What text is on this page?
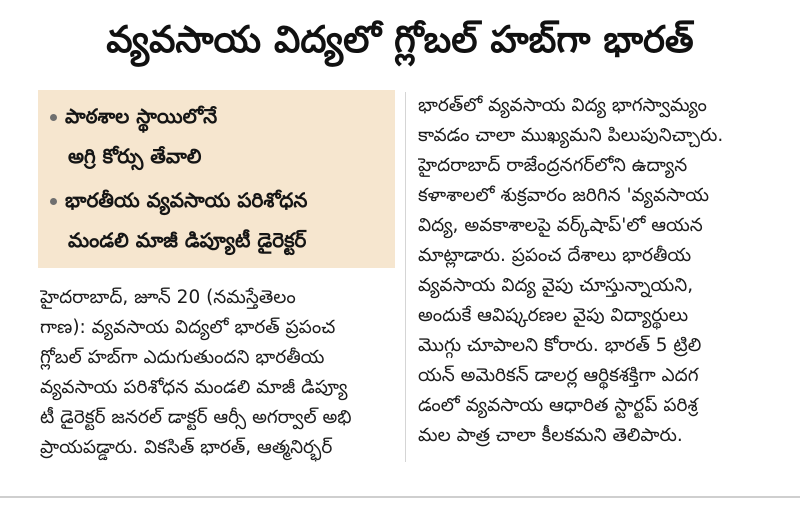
వ్యవసాయ విద్యలో గ్లోబల్ హబ్‌గా భారత్
పాఠశాల స్థాయిలోనే
అగ్రి కోర్సు తేవాలి
భారతీయ వ్యవసాయ పరిశోధన
మండలి మాజీ డిప్యూటీ డైరెక్టర్
హైదరాబాద్, జూన్ 20 (నమస్తేతెలం
గాణ): వ్యవసాయ విద్యలో భారత్ ప్రపంచ
గ్లోబల్ హబ్‌గా ఎదుగుతుందని భారతీయ
వ్యవసాయ పరిశోధన మండలి మాజీ డిప్యూ
టీ డైరెక్టర్ జనరల్ డాక్టర్ ఆర్సీ అగర్వాల్ అభి
ప్రాయపడ్డారు. వికసిత్ భారత్, ఆత్మనిర్భర్
భారత్‌లో వ్యవసాయ విద్య భాగస్వామ్యం
కావడం చాలా ముఖ్యమని పిలుపునిచ్చారు.
హైదరాబాద్ రాజేంద్రనగర్‌లోని ఉద్యాన
కళాశాలలో శుక్రవారం జరిగిన 'వ్యవసాయ
విద్య, అవకాశాలపై వర్క్‌షాప్'లో ఆయన
మాట్లాడారు. ప్రపంచ దేశాలు భారతీయ
వ్యవసాయ విద్య వైపు చూస్తున్నాయని,
అందుకే ఆవిష్కరణల వైపు విద్యార్థులు
మొగ్గు చూపాలని కోరారు. భారత్ 5 ట్రిలి
యన్ అమెరికన్ డాలర్ల ఆర్థికశక్తిగా ఎదగ
డంలో వ్యవసాయ ఆధారిత స్టార్టప్ పరిశ్ర
మల పాత్ర చాలా కీలకమని తెలిపారు.
